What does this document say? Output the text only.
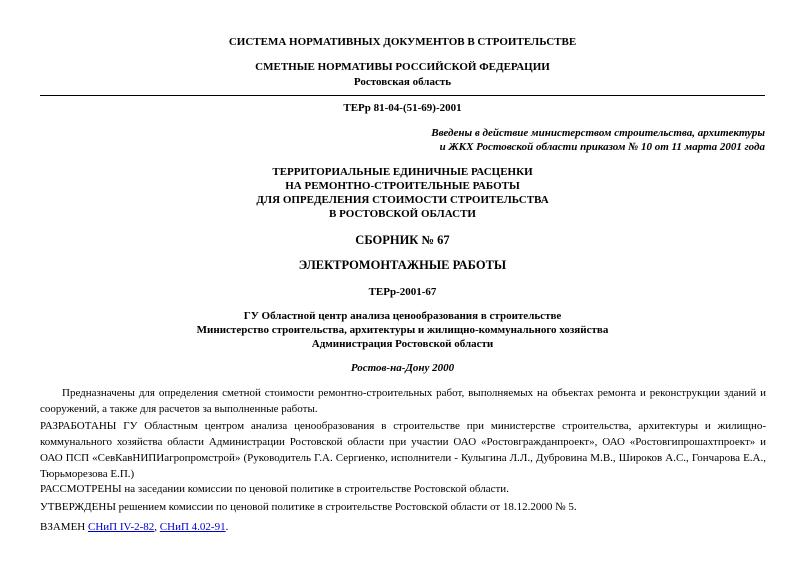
СИСТЕМА НОРМАТИВНЫХ ДОКУМЕНТОВ В СТРОИТЕЛЬСТВЕ
СМЕТНЫЕ НОРМАТИВЫ РОССИЙСКОЙ ФЕДЕРАЦИИ
Ростовская область
ТЕРр 81-04-(51-69)-2001
Введены в действие министерством строительства, архитектуры
и ЖКХ Ростовской области приказом № 10 от 11 марта 2001 года
ТЕРРИТОРИАЛЬНЫЕ ЕДИНИЧНЫЕ РАСЦЕНКИ
НА РЕМОНТНО-СТРОИТЕЛЬНЫЕ РАБОТЫ
ДЛЯ ОПРЕДЕЛЕНИЯ СТОИМОСТИ СТРОИТЕЛЬСТВА
В РОСТОВСКОЙ ОБЛАСТИ
СБОРНИК № 67
ЭЛЕКТРОМОНТАЖНЫЕ РАБОТЫ
ТЕРр-2001-67
ГУ Областной центр анализа ценообразования в строительстве
Министерство строительства, архитектуры и жилищно-коммунального хозяйства
Администрация Ростовской области
Ростов-на-Дону 2000
Предназначены для определения сметной стоимости ремонтно-строительных работ, выполняемых на объектах ремонта и реконструкции зданий и сооружений, а также для расчетов за выполненные работы.
РАЗРАБОТАНЫ ГУ Областным центром анализа ценообразования в строительстве при министерстве строительства, архитектуры и жилищно-коммунального хозяйства области Администрации Ростовской области при участии ОАО «Ростовгражданпроект», ОАО «Ростовгипрошахтпроект» и ОАО ПСП «СевКавНИПИагропромстрой» (Руководитель Г.А. Сергиенко, исполнители - Кулыгина Л.Л., Дубровина М.В., Широков А.С., Гончарова Е.А., Тюрьморезова Е.П.)
РАССМОТРЕНЫ на заседании комиссии по ценовой политике в строительстве Ростовской области.
УТВЕРЖДЕНЫ решением комиссии по ценовой политике в строительстве Ростовской области от 18.12.2000 № 5.
ВЗАМЕН СНиП IV-2-82, СНиП 4.02-91.
